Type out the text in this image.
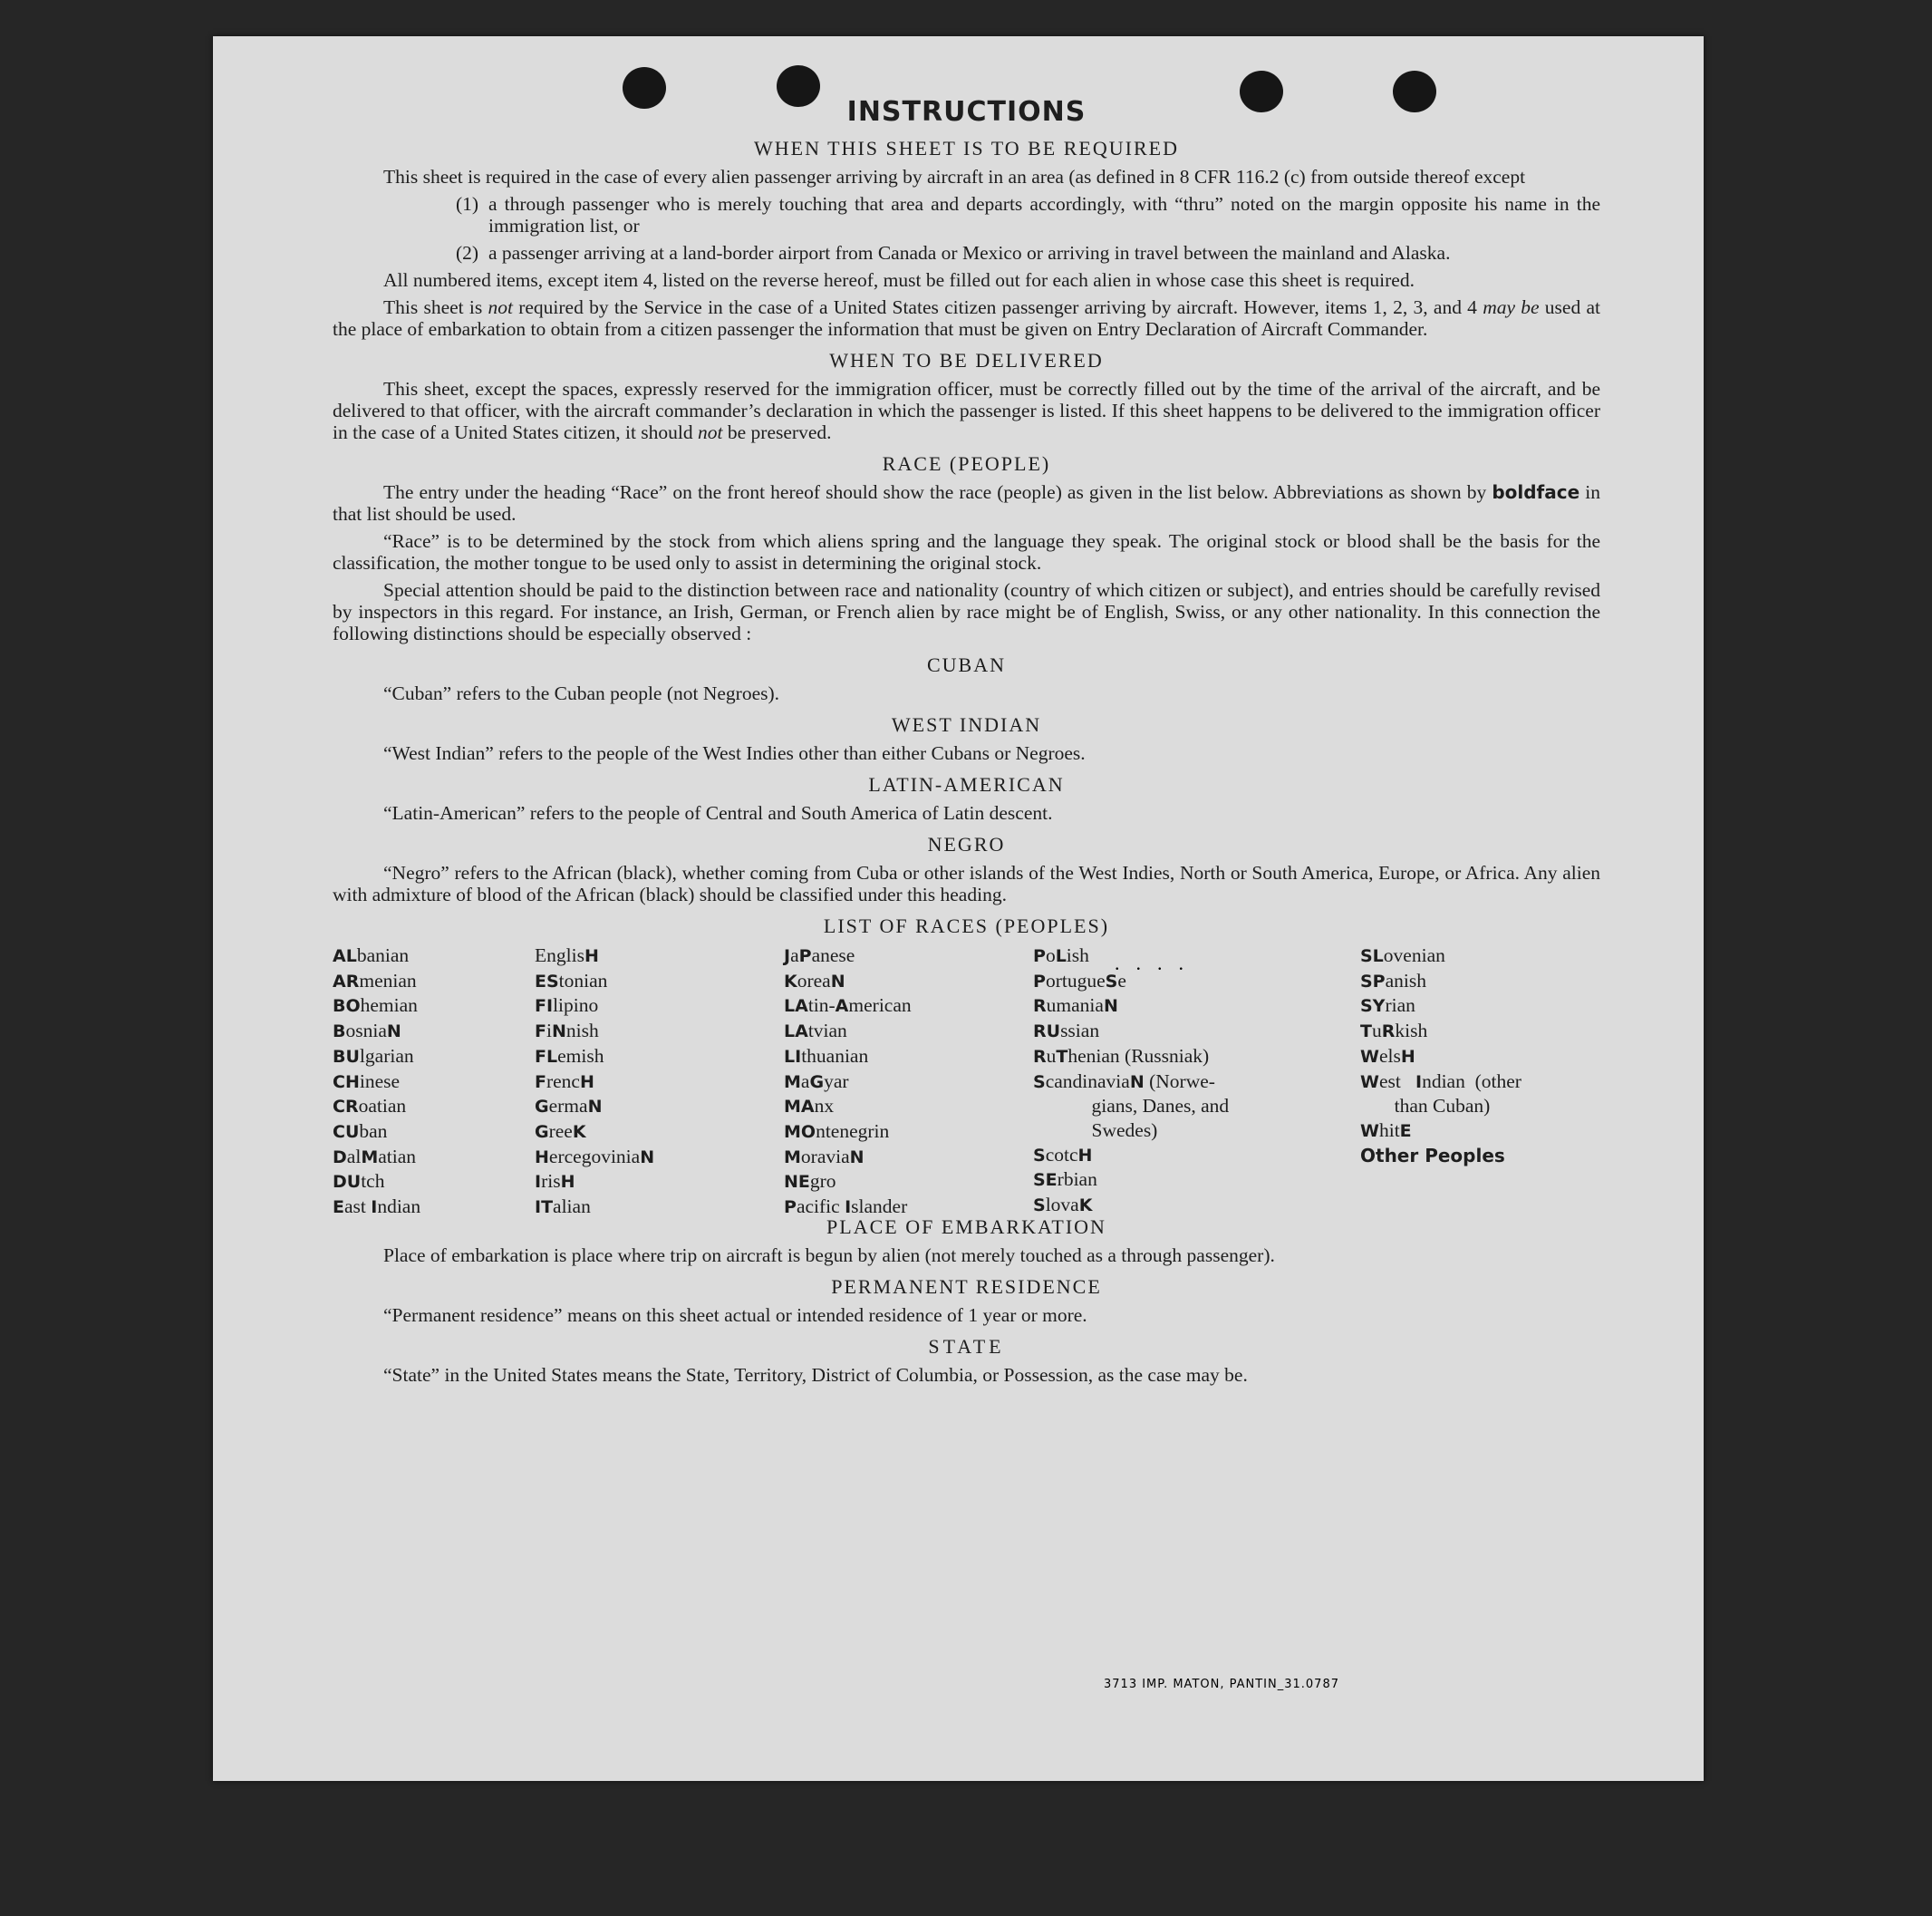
INSTRUCTIONS
WHEN THIS SHEET IS TO BE REQUIRED

This sheet is required in the case of every alien passenger arriving by aircraft in an area (as defined in 8 CFR 116.2 (c) from outside thereof except

(1) a through passenger who is merely touching that area and departs accordingly, with “thru” noted on the margin opposite his name in the immigration list, or
(2) a passenger arriving at a land-border airport from Canada or Mexico or arriving in travel between the mainland and Alaska.

All numbered items, except item 4, listed on the reverse hereof, must be filled out for each alien in whose case this sheet is required.

This sheet is not required by the Service in the case of a United States citizen passenger arriving by aircraft. However, items 1, 2, 3, and 4 may be used at the place of embarkation to obtain from a citizen passenger the information that must be given on Entry Declaration of Aircraft Commander.

WHEN TO BE DELIVERED

This sheet, except the spaces, expressly reserved for the immigration officer, must be correctly filled out by the time of the arrival of the aircraft, and be delivered to that officer, with the aircraft commander’s declaration in which the passenger is listed. If this sheet happens to be delivered to the immigration officer in the case of a United States citizen, it should not be preserved.

RACE (PEOPLE)

The entry under the heading “Race” on the front hereof should show the race (people) as given in the list below. Abbreviations as shown by boldface in that list should be used.

“Race” is to be determined by the stock from which aliens spring and the language they speak. The original stock or blood shall be the basis for the classification, the mother tongue to be used only to assist in determining the original stock.

Special attention should be paid to the distinction between race and nationality (country of which citizen or subject), and entries should be carefully revised by inspectors in this regard. For instance, an Irish, German, or French alien by race might be of English, Swiss, or any other nationality. In this connection the following distinctions should be especially observed :

CUBAN

“Cuban” refers to the Cuban people (not Negroes).

WEST INDIAN

“West Indian” refers to the people of the West Indies other than either Cubans or Negroes.

LATIN-AMERICAN

“Latin-American” refers to the people of Central and South America of Latin descent.

NEGRO

“Negro” refers to the African (black), whether coming from Cuba or other islands of the West Indies, North or South America, Europe, or Africa. Any alien with admixture of blood of the African (black) should be classified under this heading.

LIST OF RACES (PEOPLES)
ALbanian
ARmenian
BOhemian
BosniaN
BUlgarian
CHinese
CRoatian
CUban
DalMatian
DUtch
East Indian
EnglisH
EStonian
FIlipino
FiNnish
FLemish
FrencH
GermaN
GreeK
HercegoviniaN
IrisH
ITalian
JaPanese
KoreaN
LAtin-American
LAtvian
LIthuanian
MaGyar
MAnx
MOntenegrin
MoraviaN
NEgro
Pacific Islander
PoLish
PortugueSe
RumaniaN
RUssian
RuThenian (Russniak)
ScandinaviaN (Norwe-
gians, Danes, and
Swedes)
ScotcH
SErbian
SlovaK
SLovenian
SPanish
SYrian
TuRkish
WelsH
West   Indian  (other
than Cuban)
WhitE
Other Peoples
PLACE OF EMBARKATION

Place of embarkation is place where trip on aircraft is begun by alien (not merely touched as a through passenger).

PERMANENT RESIDENCE

“Permanent residence” means on this sheet actual or intended residence of 1 year or more.

STATE

“State” in the United States means the State, Territory, District of Columbia, or Possession, as the case may be.

....
3713 IMP. MATON, PANTIN_31.0787
